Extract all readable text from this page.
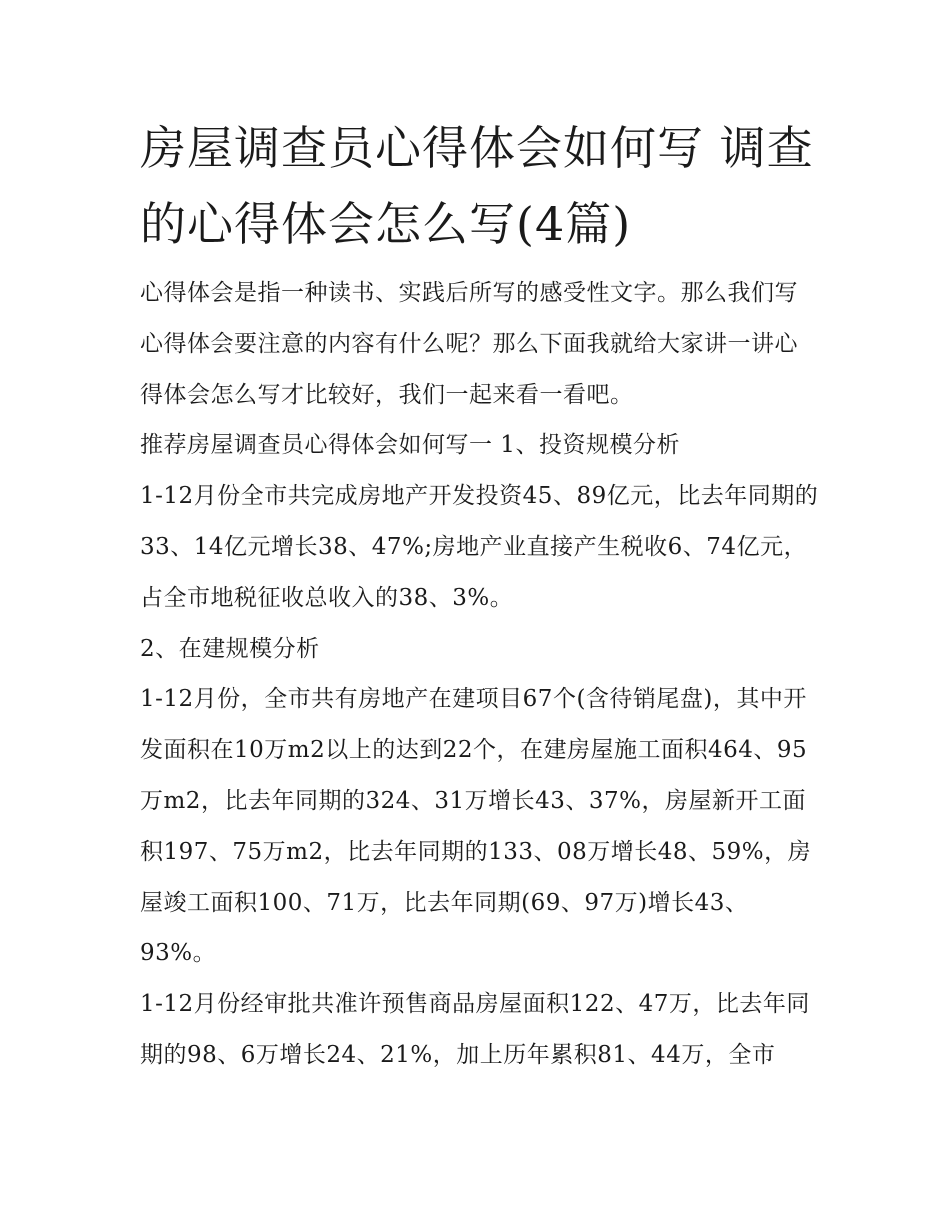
房屋调查员心得体会如何写 调查的心得体会怎么写(4篇)

心得体会是指一种读书、实践后所写的感受性文字。那么我们写心得体会要注意的内容有什么呢？那么下面我就给大家讲一讲心得体会怎么写才比较好，我们一起来看一看吧。

推荐房屋调查员心得体会如何写一 1、投资规模分析

1-12月份全市共完成房地产开发投资45、89亿元，比去年同期的33、14亿元增长38、47%;房地产业直接产生税收6、74亿元，占全市地税征收总收入的38、3%。

2、在建规模分析

1-12月份，全市共有房地产在建项目67个(含待销尾盘)，其中开发面积在10万m2以上的达到22个，在建房屋施工面积464、95万m2，比去年同期的324、31万增长43、37%，房屋新开工面积197、75万m2，比去年同期的133、08万增长48、59%，房屋竣工面积100、71万，比去年同期(69、97万)增长43、93%。

1-12月份经审批共准许预售商品房屋面积122、47万，比去年同期的98、6万增长24、21%，加上历年累积81、44万，全市
